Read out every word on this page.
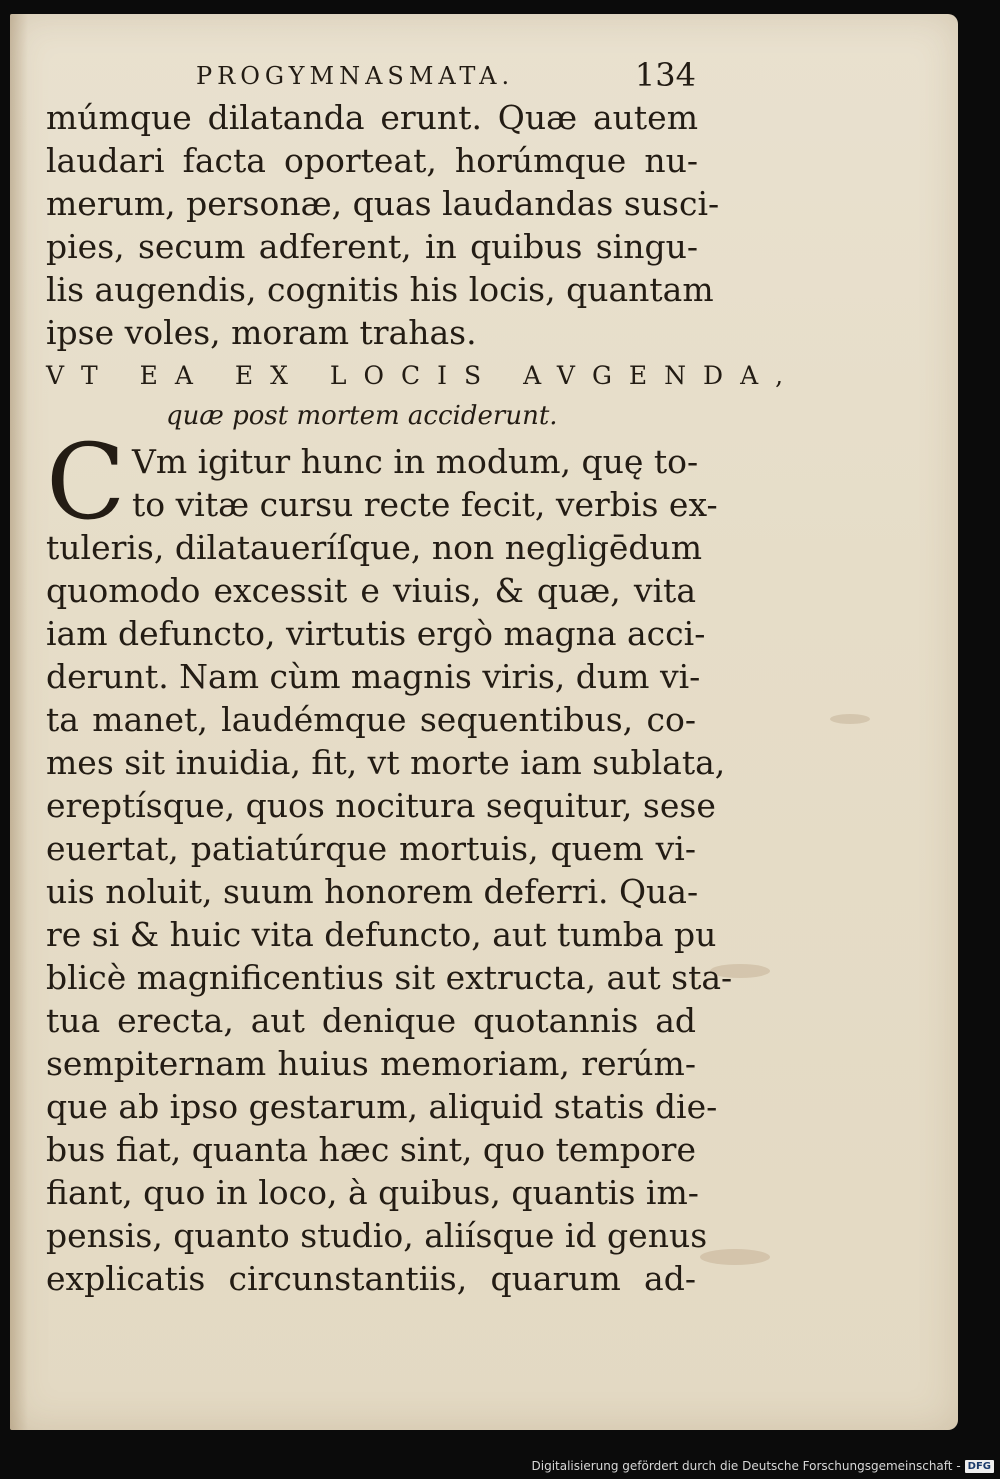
PROGYMNASMATA.	134
múmque dilatanda erunt. Quæ autem
laudari facta oporteat, horúmque nu-
merum, personæ, quas laudandas susci-
pies, secum adferent, in quibus singu-
lis augendis, cognitis his locis, quantam
ipse voles, moram trahas.
VT EA EX LOCIS AVGENDA,
quæ post mortem acciderunt.
C Vm igitur hunc in modum, quę to-
to vitæ cursu recte fecit, verbis ex-
tuleris, dilataueríſque, non negligēdum
quomodo excessit e viuis, & quæ, vita
iam defuncto, virtutis ergò magna acci-
derunt. Nam cùm magnis viris, dum vi-
ta manet, laudémque sequentibus, co-
mes sit inuidia, fit, vt morte iam sublata,
ereptísque, quos nocitura sequitur, sese
euertat, patiatúrque mortuis, quem vi-
uis noluit, suum honorem deferri. Qua-
re si & huic vita defuncto, aut tumba pu
blicè magnificentius sit extructa, aut sta-
tua erecta, aut denique quotannis ad
sempiternam huius memoriam, rerúm-
que ab ipso gestarum, aliquid statis die-
bus fiat, quanta hæc sint, quo tempore
fiant, quo in loco, à quibus, quantis im-
pensis, quanto studio, aliísque id genus
explicatis circunstantiis, quarum ad-
Digitalisierung gefördert durch die Deutsche Forschungsgemeinschaft - DFG
